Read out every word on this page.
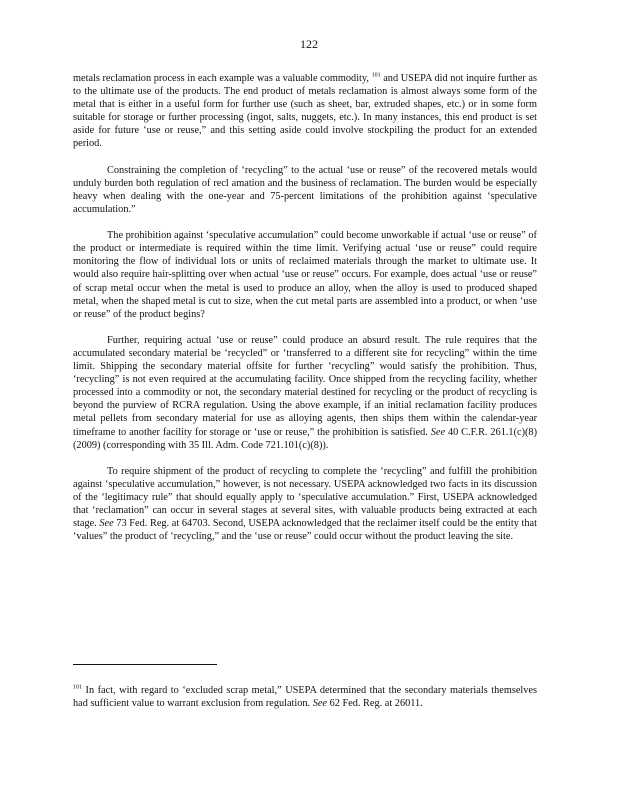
122

metals reclamation process in each example was a valuable commodity, $^{101}$ and USEPA did not inquire further as to the ultimate use of the products. The end product of metals reclamation is almost always some form of the metal that is either in a useful form for further use (such as sheet, bar, extruded shapes, etc.) or in some form suitable for storage or further processing (ingot, salts, nuggets, etc.). In many instances, this end product is set aside for future ‘use or reuse,” and this setting aside could involve stockpiling the product for an extended period.

Constraining the completion of ‘recycling” to the actual ‘use or reuse” of the recovered metals would unduly burden both regulation of recl amation and the business of reclamation. The burden would be especially heavy when dealing with the one-year and 75-percent limitations of the prohibition against ‘speculative accumulation.”

The prohibition against ‘speculative accumulation” could become unworkable if actual ‘use or reuse” of the product or intermediate is required within the time limit. Verifying actual ‘use or reuse” could require monitoring the flow of individual lots or units of reclaimed materials through the market to ultimate use. It would also require hair-splitting over when actual ‘use or reuse” occurs. For example, does actual ‘use or reuse” of scrap metal occur when the metal is used to produce an alloy, when the alloy is used to produced shaped metal, when the shaped metal is cut to size, when the cut metal parts are assembled into a product, or when ‘use or reuse” of the product begins?

Further, requiring actual ‘use or reuse” could produce an absurd result. The rule requires that the accumulated secondary material be ‘recycled” or ‘transferred to a different site for recycling” within the time limit. Shipping the secondary material offsite for further ‘recycling” would satisfy the prohibition. Thus, ‘recycling” is not even required at the accumulating facility. Once shipped from the recycling facility, whether processed into a commodity or not, the secondary material destined for recycling or the product of recycling is beyond the purview of RCRA regulation. Using the above example, if an initial reclamation facility produces metal pellets from secondary material for use as alloying agents, then ships them within the calendar-year timeframe to another facility for storage or ‘use or reuse,” the prohibition is satisfied. See 40 C.F.R. 261.1(c)(8) (2009) (corresponding with 35 Ill. Adm. Code 721.101(c)(8)).

To require shipment of the product of recycling to complete the ‘recycling” and fulfill the prohibition against ‘speculative accumulation,” however, is not necessary. USEPA acknowledged two facts in its discussion of the ‘legitimacy rule” that should equally apply to ‘speculative accumulation.” First, USEPA acknowledged that ‘reclamation” can occur in several stages at several sites, with valuable products being extracted at each stage. See 73 Fed. Reg. at 64703. Second, USEPA acknowledged that the reclaimer itself could be the entity that ‘values” the product of ‘recycling,” and the ‘use or reuse” could occur without the product leaving the site.

$^{101}$ In fact, with regard to ‘excluded scrap metal,” USEPA determined that the secondary materials themselves had sufficient value to warrant exclusion from regulation. See 62 Fed. Reg. at 26011.
